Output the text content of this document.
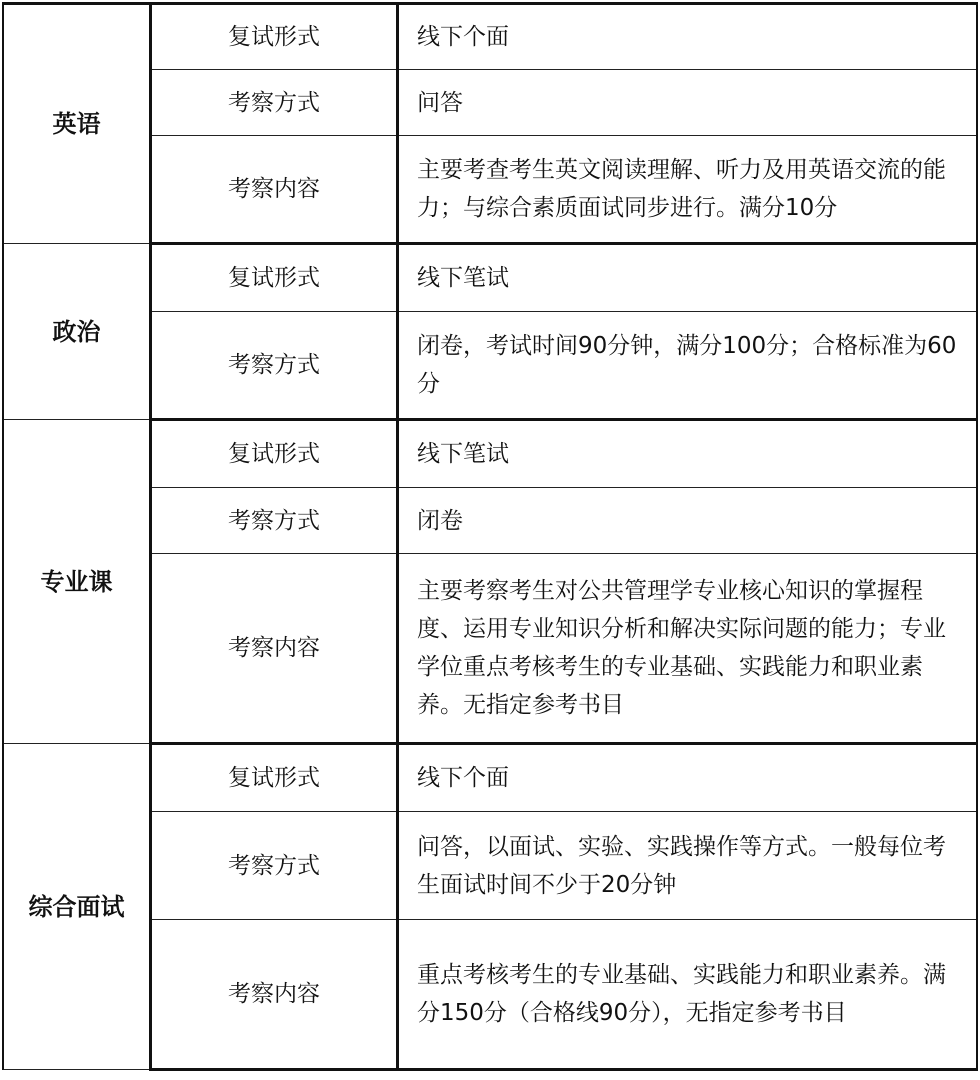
英语	复试形式	线下个面
	考察方式	问答
	考察内容	主要考查考生英文阅读理解、听力及用英语交流的能力；与综合素质面试同步进行。满分10分
政治	复试形式	线下笔试
	考察方式	闭卷，考试时间90分钟，满分100分；合格标准为60分
专业课	复试形式	线下笔试
	考察方式	闭卷
	考察内容	主要考察考生对公共管理学专业核心知识的掌握程度、运用专业知识分析和解决实际问题的能力；专业学位重点考核考生的专业基础、实践能力和职业素养。无指定参考书目
综合面试	复试形式	线下个面
	考察方式	问答，以面试、实验、实践操作等方式。一般每位考生面试时间不少于20分钟
	考察内容	重点考核考生的专业基础、实践能力和职业素养。满分150分（合格线90分），无指定参考书目
